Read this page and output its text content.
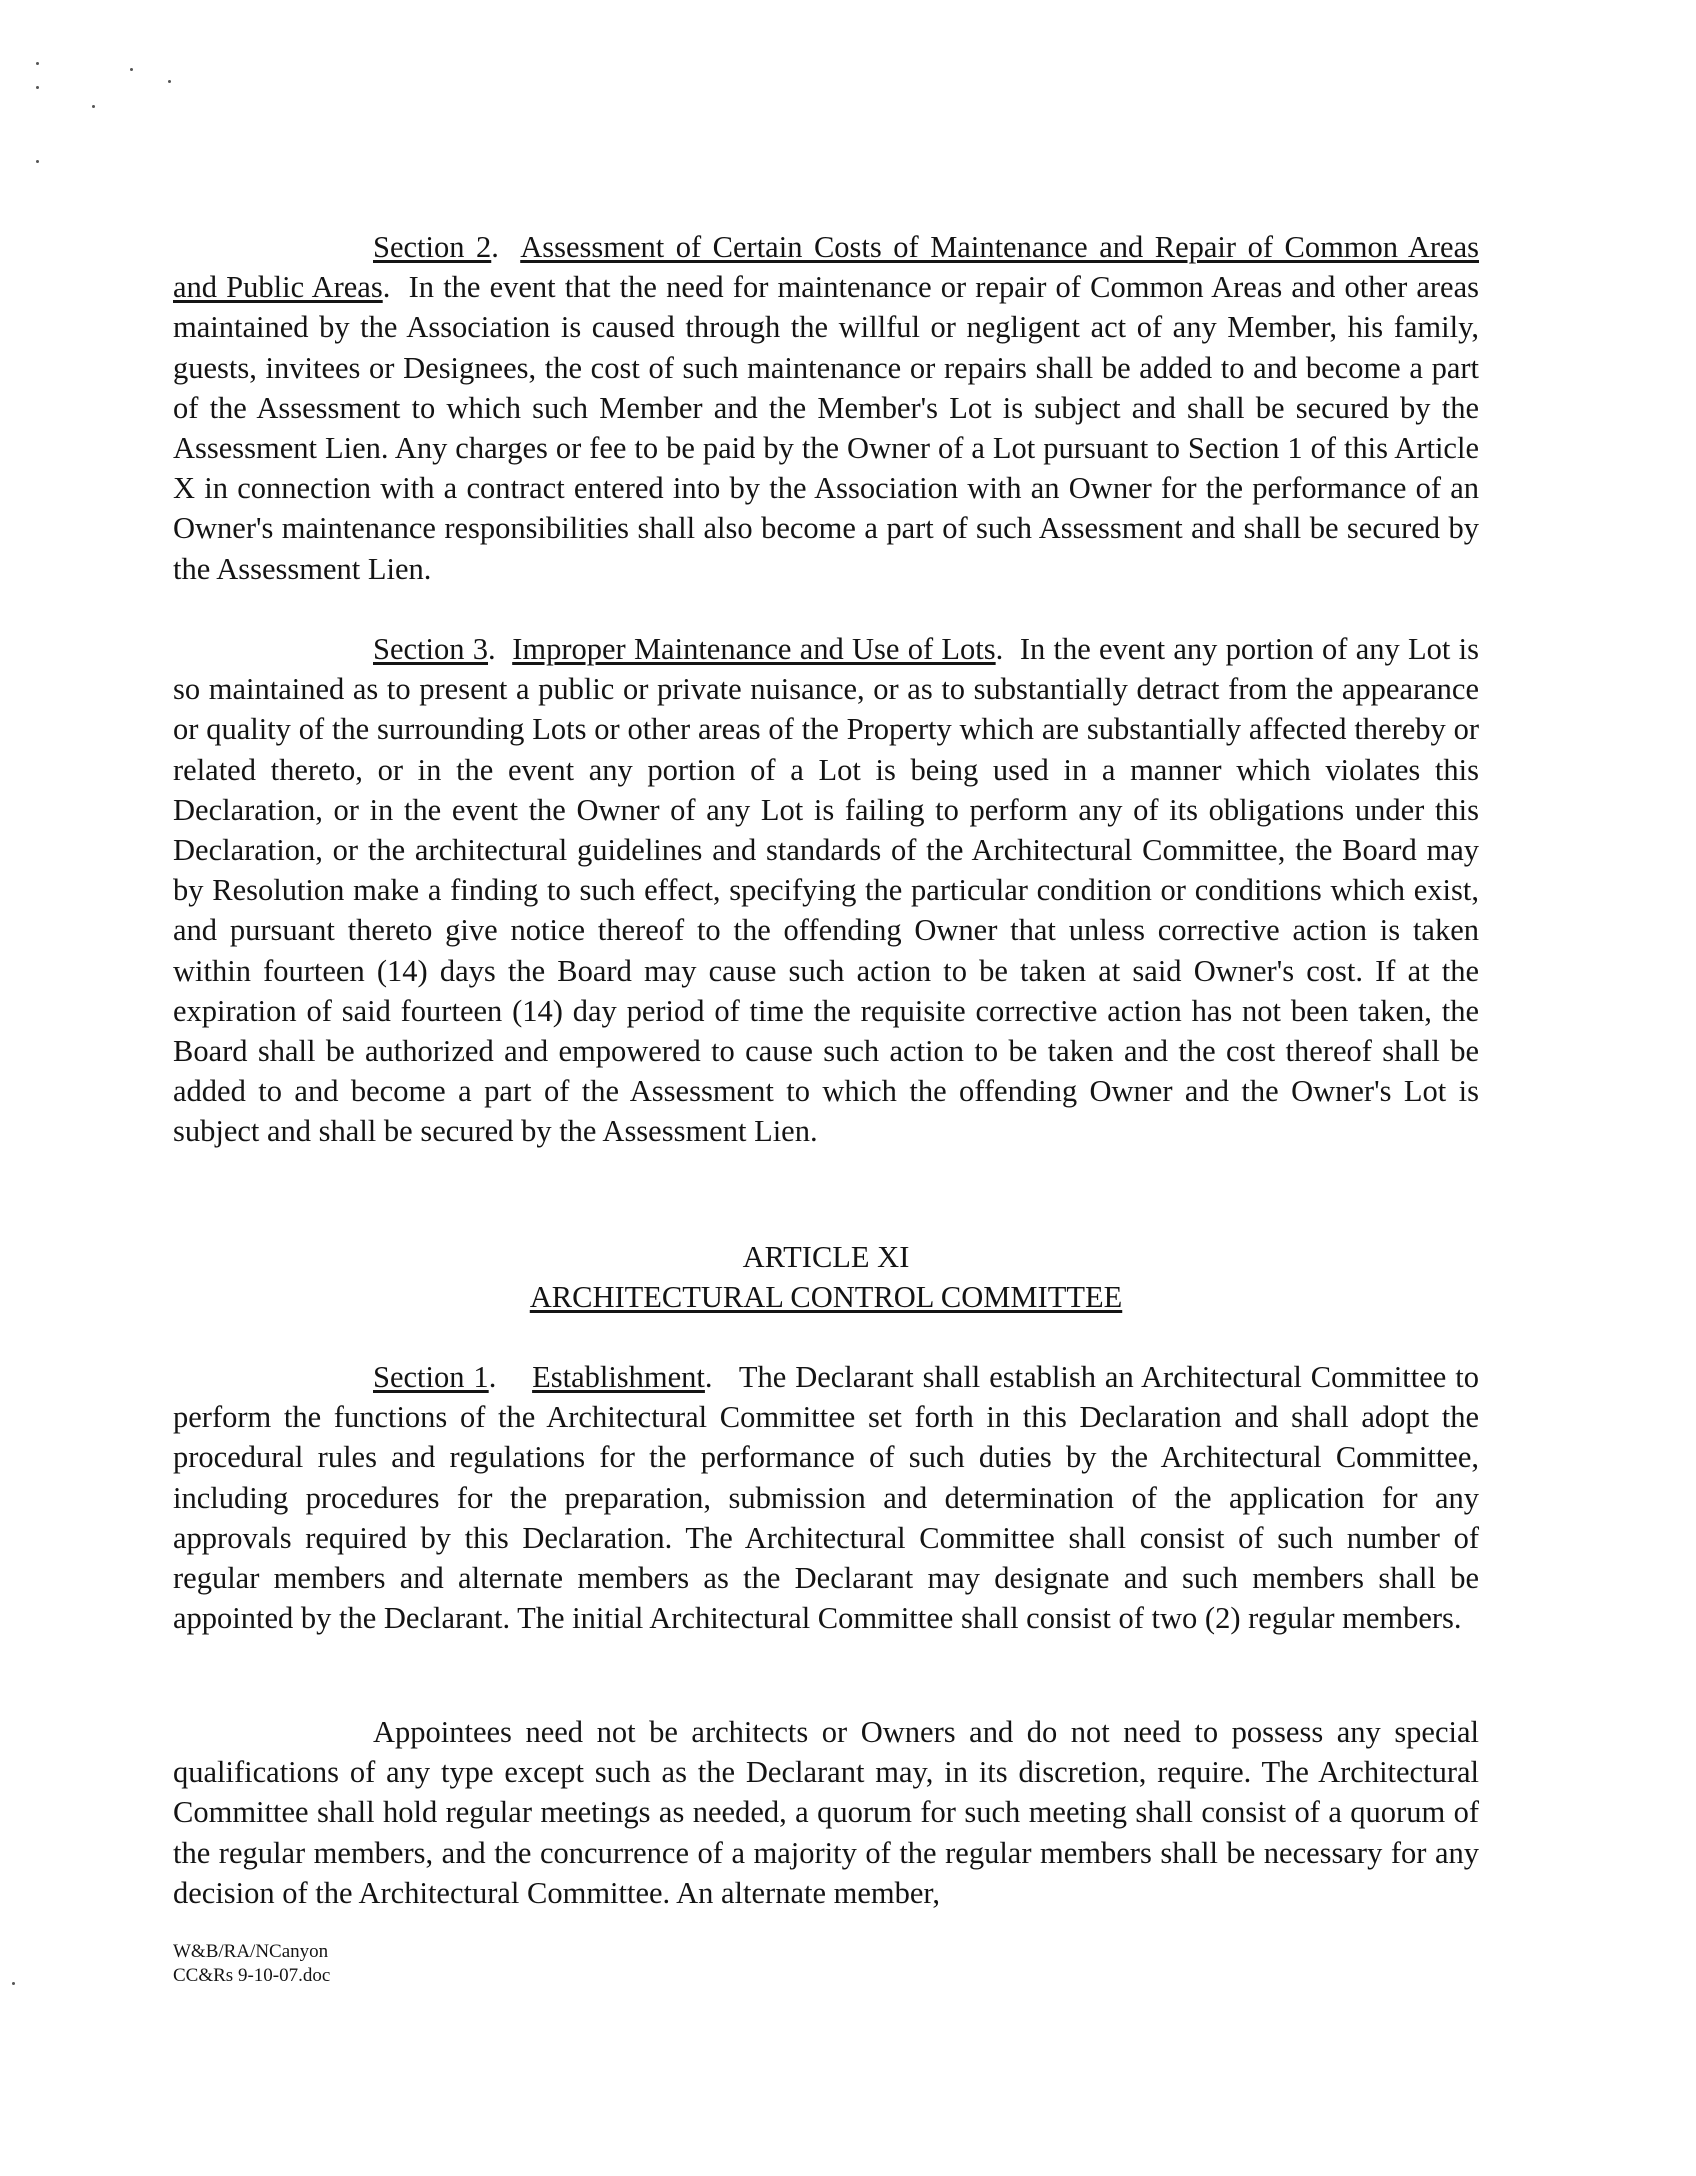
Section 2.  Assessment of Certain Costs of Maintenance and Repair of Common Areas and Public Areas.  In the event that the need for maintenance or repair of Common Areas and other areas maintained by the Association is caused through the willful or negligent act of any Member, his family, guests, invitees or Designees, the cost of such maintenance or repairs shall be added to and become a part of the Assessment to which such Member and the Member's Lot is subject and shall be secured by the Assessment Lien. Any charges or fee to be paid by the Owner of a Lot pursuant to Section 1 of this Article X in connection with a contract entered into by the Association with an Owner for the performance of an Owner's maintenance responsibilities shall also become a part of such Assessment and shall be secured by the Assessment Lien.

Section 3.  Improper Maintenance and Use of Lots.  In the event any portion of any Lot is so maintained as to present a public or private nuisance, or as to substantially detract from the appearance or quality of the surrounding Lots or other areas of the Property which are substantially affected thereby or related thereto, or in the event any portion of a Lot is being used in a manner which violates this Declaration, or in the event the Owner of any Lot is failing to perform any of its obligations under this Declaration, or the architectural guidelines and standards of the Architectural Committee, the Board may by Resolution make a finding to such effect, specifying the particular condition or conditions which exist, and pursuant thereto give notice thereof to the offending Owner that unless corrective action is taken within fourteen (14) days the Board may cause such action to be taken at said Owner's cost. If at the expiration of said fourteen (14) day period of time the requisite corrective action has not been taken, the Board shall be authorized and empowered to cause such action to be taken and the cost thereof shall be added to and become a part of the Assessment to which the offending Owner and the Owner's Lot is subject and shall be secured by the Assessment Lien.

ARTICLE XI

ARCHITECTURAL CONTROL COMMITTEE

Section 1.    Establishment.   The Declarant shall establish an Architectural Committee to perform the functions of the Architectural Committee set forth in this Declaration and shall adopt the procedural rules and regulations for the performance of such duties by the Architectural Committee, including procedures for the preparation, submission and determination of the application for any approvals required by this Declaration. The Architectural Committee shall consist of such number of regular members and alternate members as the Declarant may designate and such members shall be appointed by the Declarant. The initial Architectural Committee shall consist of two (2) regular members.

Appointees need not be architects or Owners and do not need to possess any special qualifications of any type except such as the Declarant may, in its discretion, require. The Architectural Committee shall hold regular meetings as needed, a quorum for such meeting shall consist of a quorum of the regular members, and the concurrence of a majority of the regular members shall be necessary for any decision of the Architectural Committee. An alternate member,

W&B/RA/NCanyon
CC&Rs 9-10-07.doc
